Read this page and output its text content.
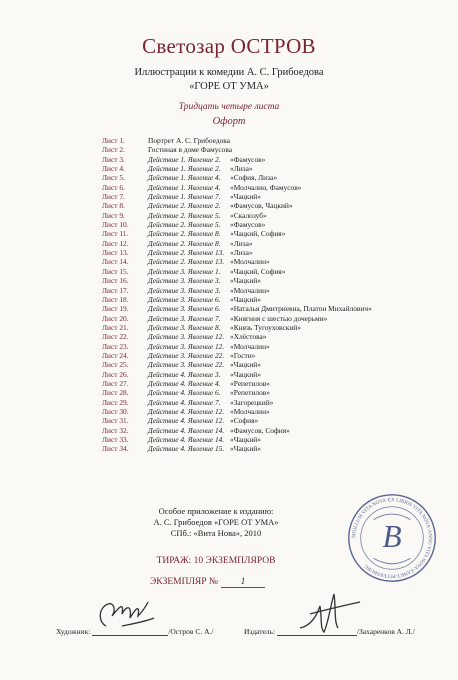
Светозар ОСТРОВ
Иллюстрации к комедии А. С. Грибоедова
«ГОРЕ ОТ УМА»
Тридцать четыре листа
Офорт
Лист 1.	Портрет А. С. Грибоедова
Лист 2.	Гостиная в доме Фамусова
Лист 3.	Действие 1. Явление 2. «Фамусов»
Лист 4.	Действие 1. Явление 2. «Лиза»
Лист 5.	Действие 1. Явление 4. «София, Лиза»
Лист 6.	Действие 1. Явление 4. «Молчалин, Фамусов»
Лист 7.	Действие 1. Явление 7. «Чацкий»
Лист 8.	Действие 2. Явление 2. «Фамусов, Чацкий»
Лист 9.	Действие 2. Явление 5. «Скалозуб»
Лист 10.	Действие 2. Явление 5. «Фамусов»
Лист 11.	Действие 2. Явление 8. «Чацкий, София»
Лист 12.	Действие 2. Явление 8. «Лиза»
Лист 13.	Действие 2. Явление 13. «Лиза»
Лист 14.	Действие 2. Явление 13. «Молчалин»
Лист 15.	Действие 3. Явление 1. «Чацкий, София»
Лист 16.	Действие 3. Явление 3. «Чацкий»
Лист 17.	Действие 3. Явление 3. «Молчалин»
Лист 18.	Действие 3. Явление 6. «Чацкий»
Лист 19.	Действие 3. Явление 6. «Наталья Дмитриевна, Платон Михайлович»
Лист 20.	Действие 3. Явление 7. «Княгиня с шестью дочерьми»
Лист 21.	Действие 3. Явление 8. «Князь Тугоуховский»
Лист 22.	Действие 3. Явление 12. «Хлёстова»
Лист 23.	Действие 3. Явление 12. «Молчалин»
Лист 24.	Действие 3. Явление 22. «Гости»
Лист 25.	Действие 3. Явление 22. «Чацкий»
Лист 26.	Действие 4. Явление 3. «Чацкий»
Лист 27.	Действие 4. Явление 4. «Репетилов»
Лист 28.	Действие 4. Явление 6. «Репетилов»
Лист 29.	Действие 4. Явление 7. «Загорецкий»
Лист 30.	Действие 4. Явление 12. «Молчалин»
Лист 31.	Действие 4. Явление 12. «София»
Лист 32.	Действие 4. Явление 14. «Фамусов, София»
Лист 33.	Действие 4. Явление 14. «Чацкий»
Лист 34.	Действие 4. Явление 15. «Чацкий»
Особое приложение к изданию:
А. С. Грибоедов «ГОРЕ ОТ УМА»
СПб.: «Вита Нова», 2010
ТИРАЖ: 10 ЭКЗЕМПЛЯРОВ
ЭКЗЕМПЛЯР № 1
SIGILLUM VITA NOVA·EX LIBRIS VITA NOVA·ANNO VITA NOVA·SANKT-PETERSBURG
B
Художник:	/Остров С. А./	Издатель:	/Захаренков А. Л./
